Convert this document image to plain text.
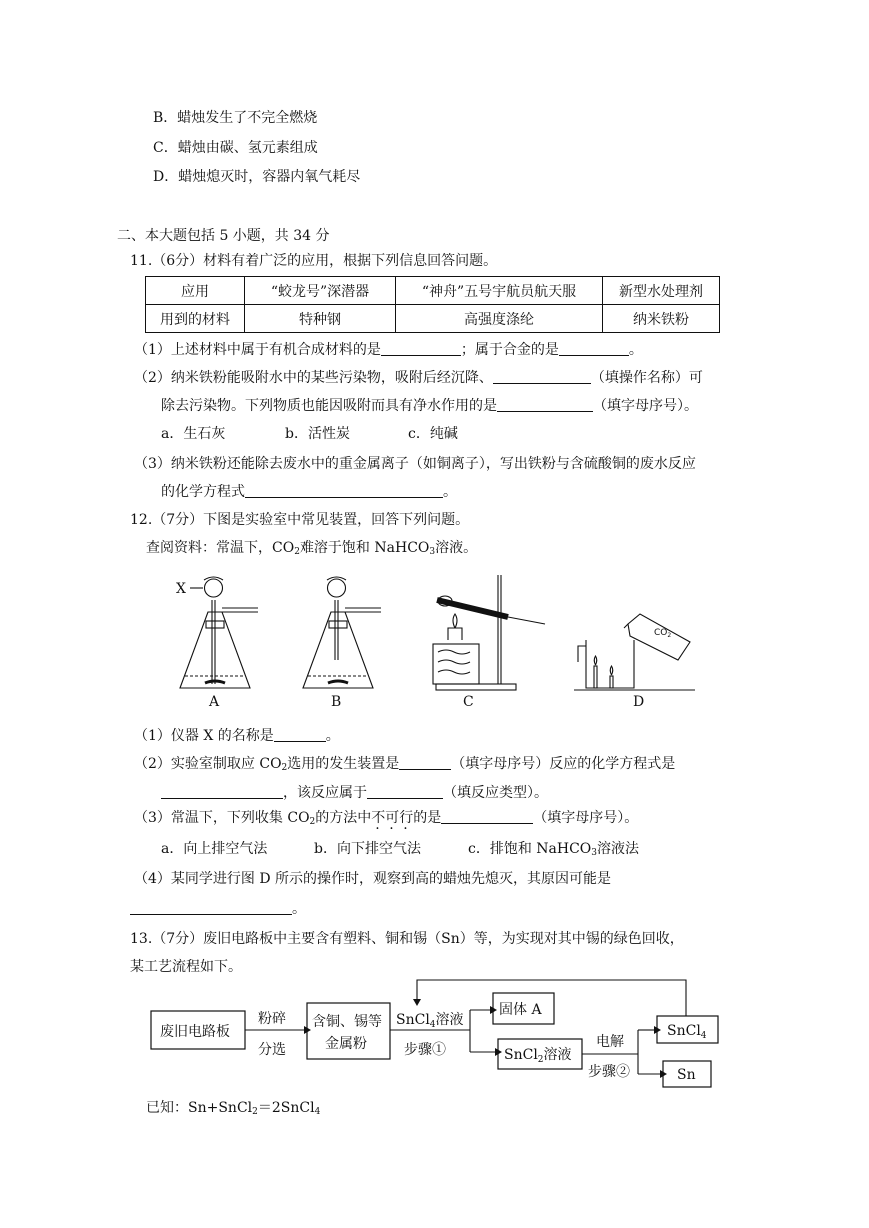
B．蜡烛发生了不完全燃烧
C．蜡烛由碳、氢元素组成
D．蜡烛熄灭时，容器内氧气耗尽
二、本大题包括 5 小题，共 34 分
11.（6分）材料有着广泛的应用，根据下列信息回答问题。
应用	“蛟龙号”深潜器	“神舟”五号宇航员航天服	新型水处理剂
用到的材料	特种钢	高强度涤纶	纳米铁粉
（1）上述材料中属于有机合成材料的是	；属于合金的是	。
（2）纳米铁粉能吸附水中的某些污染物，吸附后经沉降、	（填操作名称）可
除去污染物。下列物质也能因吸附而具有净水作用的是	（填字母序号）。
a．生石灰	b．活性炭	c．纯碱
（3）纳米铁粉还能除去废水中的重金属离子（如铜离子），写出铁粉与含硫酸铜的废水反应
的化学方程式	。
12.（7分）下图是实验室中常见装置，回答下列问题。
查阅资料：常温下，$CO_2$难溶于饱和 NaHCO$_3$溶液。
X
A	B	C
$CO_2$
D
废旧电路板
粉碎
分选
含铜、锡等
金属粉
SnCl$_4$溶液
步骤①
固体 A
SnCl$_2$溶液
电解
步骤②
SnCl$_4$
Sn
（1）仪器 X 的名称是	。
（2）实验室制取应 $CO_2$选用的发生装置是	（填字母序号）反应的化学方程式是
，该反应属于	（填反应类型）。
（3）常温下，下列收集 $CO_2$的方法中不可行的是	（填字母序号）。
a．向上排空气法	b．向下排空气法	c．排饱和 NaHCO$_3$溶液法
（4）某同学进行图 D 所示的操作时，观察到高的蜡烛先熄灭，其原因可能是
。
13.（7分）废旧电路板中主要含有塑料、铜和锡（Sn）等，为实现对其中锡的绿色回收，
某工艺流程如下。
已知：Sn+SnCl$_2$＝2SnCl$_4$
